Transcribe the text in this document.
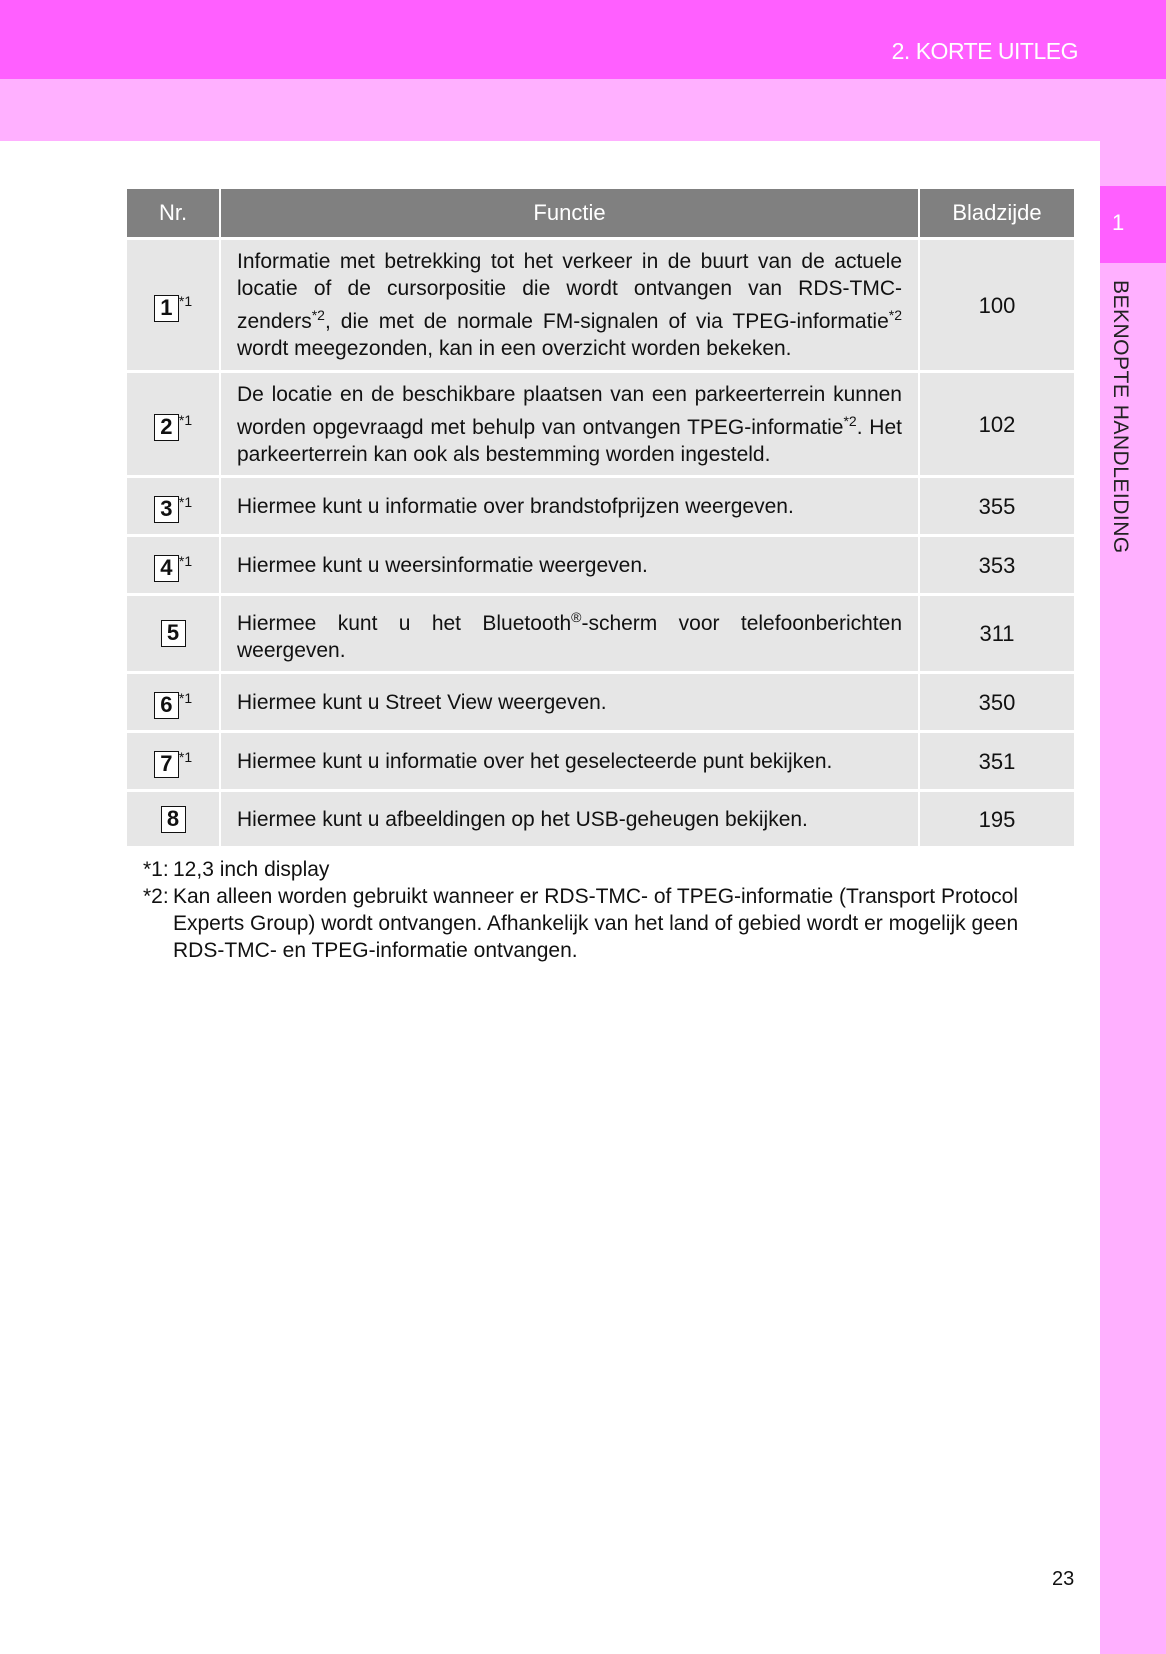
2. KORTE UITLEG
1
BEKNOPTE HANDLEIDING
Nr.	Functie	Bladzijde
1 $^{*1}$	Informatie met betrekking tot het verkeer in de buurt van de actuele locatie of de cursorpositie die wordt ontvangen van RDS-TMC-zenders$^{*2}$, die met de normale FM-signalen of via TPEG-informatie$^{*2}$ wordt meegezonden, kan in een overzicht worden bekeken.	100
2 $^{*1}$	De locatie en de beschikbare plaatsen van een parkeerterrein kunnen worden opgevraagd met behulp van ontvangen TPEG-informatie$^{*2}$. Het parkeerterrein kan ook als bestemming worden ingesteld.	102
3 $^{*1}$	Hiermee kunt u informatie over brandstofprijzen weergeven.	355
4 $^{*1}$	Hiermee kunt u weersinformatie weergeven.	353
5	Hiermee kunt u het Bluetooth®-scherm voor telefoonberichten weergeven.	311
6 $^{*1}$	Hiermee kunt u Street View weergeven.	350
7 $^{*1}$	Hiermee kunt u informatie over het geselecteerde punt bekijken.	351
8	Hiermee kunt u afbeeldingen op het USB-geheugen bekijken.	195
*1: 12,3 inch display
*2: Kan alleen worden gebruikt wanneer er RDS-TMC- of TPEG-informatie (Transport Protocol Experts Group) wordt ontvangen. Afhankelijk van het land of gebied wordt er mogelijk geen RDS-TMC- en TPEG-informatie ontvangen.
23
